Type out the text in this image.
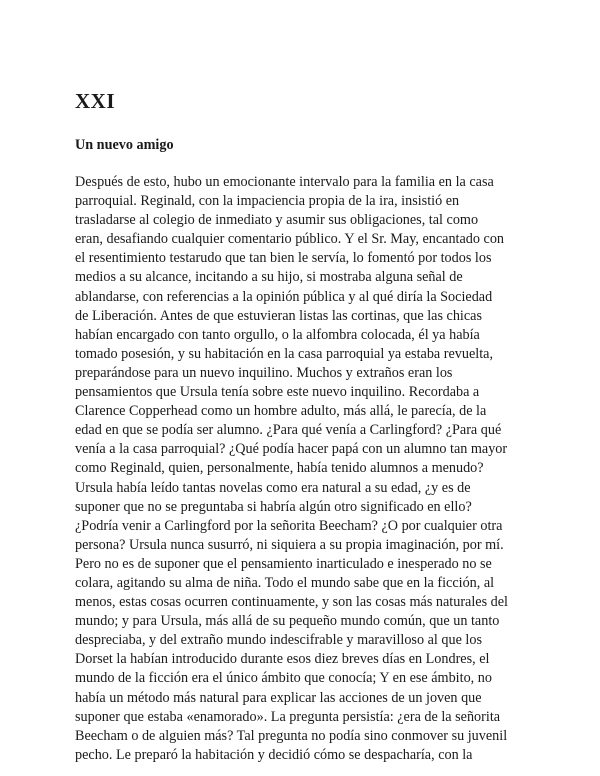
XXI
Un nuevo amigo
Después de esto, hubo un emocionante intervalo para la familia en la casa
parroquial. Reginald, con la impaciencia propia de la ira, insistió en
trasladarse al colegio de inmediato y asumir sus obligaciones, tal como
eran, desafiando cualquier comentario público. Y el Sr. May, encantado con
el resentimiento testarudo que tan bien le servía, lo fomentó por todos los
medios a su alcance, incitando a su hijo, si mostraba alguna señal de
ablandarse, con referencias a la opinión pública y al qué diría la Sociedad
de Liberación. Antes de que estuvieran listas las cortinas, que las chicas
habían encargado con tanto orgullo, o la alfombra colocada, él ya había
tomado posesión, y su habitación en la casa parroquial ya estaba revuelta,
preparándose para un nuevo inquilino. Muchos y extraños eran los
pensamientos que Ursula tenía sobre este nuevo inquilino. Recordaba a
Clarence Copperhead como un hombre adulto, más allá, le parecía, de la
edad en que se podía ser alumno. ¿Para qué venía a Carlingford? ¿Para qué
venía a la casa parroquial? ¿Qué podía hacer papá con un alumno tan mayor
como Reginald, quien, personalmente, había tenido alumnos a menudo?
Ursula había leído tantas novelas como era natural a su edad, ¿y es de
suponer que no se preguntaba si habría algún otro significado en ello?
¿Podría venir a Carlingford por la señorita Beecham? ¿O por cualquier otra
persona? Ursula nunca susurró, ni siquiera a su propia imaginación, por mí.
Pero no es de suponer que el pensamiento inarticulado e inesperado no se
colara, agitando su alma de niña. Todo el mundo sabe que en la ficción, al
menos, estas cosas ocurren continuamente, y son las cosas más naturales del
mundo; y para Ursula, más allá de su pequeño mundo común, que un tanto
despreciaba, y del extraño mundo indescifrable y maravilloso al que los
Dorset la habían introducido durante esos diez breves días en Londres, el
mundo de la ficción era el único ámbito que conocía; Y en ese ámbito, no
había un método más natural para explicar las acciones de un joven que
suponer que estaba «enamorado». La pregunta persistía: ¿era de la señorita
Beecham o de alguien más? Tal pregunta no podía sino conmover su juvenil
pecho. Le preparó la habitación y decidió cómo se despacharía, con la
